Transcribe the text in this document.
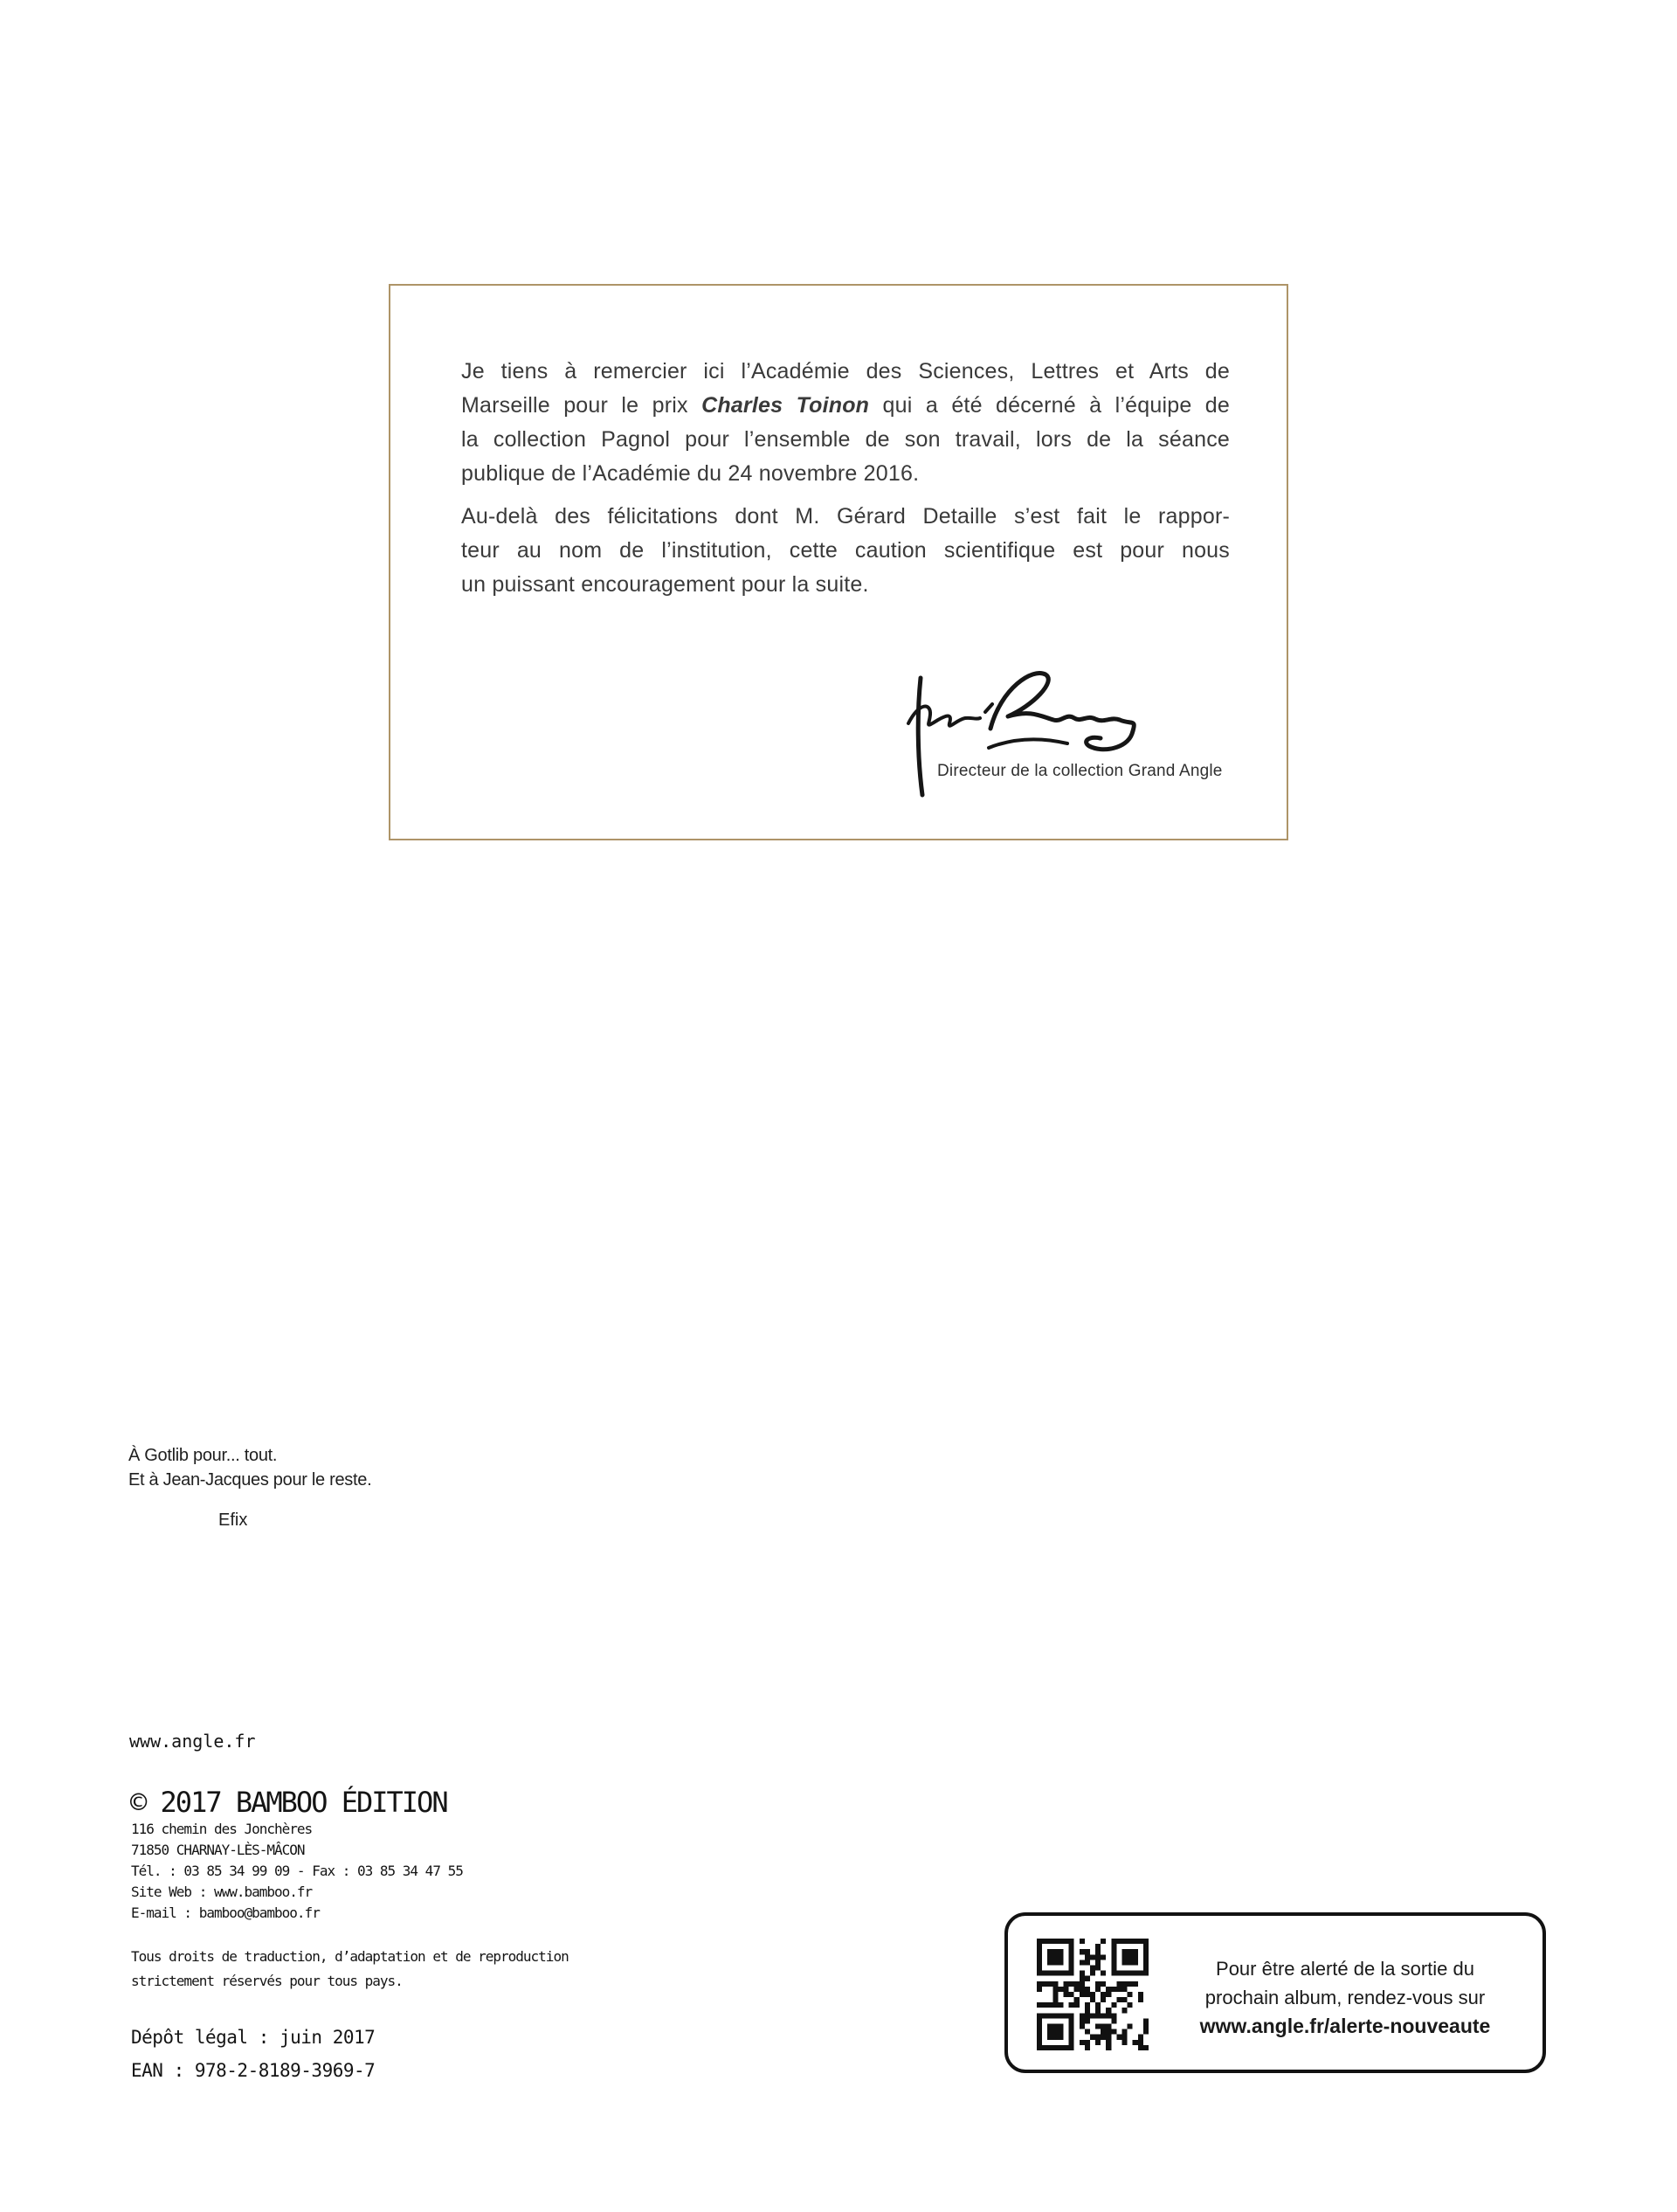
Je tiens à remercier ici l’Académie des Sciences, Lettres et Arts de
Marseille pour le prix Charles Toinon qui a été décerné à l’équipe de
la collection Pagnol pour l’ensemble de son travail, lors de la séance
publique de l’Académie du 24 novembre 2016.
Au-delà des félicitations dont M. Gérard Detaille s’est fait le rappor-
teur au nom de l’institution, cette caution scientifique est pour nous
un puissant encouragement pour la suite.
Directeur de la collection Grand Angle
À Gotlib pour... tout.
Et à Jean-Jacques pour le reste.
Efix
www.angle.fr
© 2017 BAMBOO ÉDITION
116 chemin des Jonchères
71850 CHARNAY-LÈS-MÂCON
Tél. : 03 85 34 99 09 - Fax : 03 85 34 47 55
Site Web : www.bamboo.fr
E-mail : bamboo@bamboo.fr
Tous droits de traduction, d’adaptation et de reproduction
strictement réservés pour tous pays.
Dépôt légal : juin 2017
EAN : 978-2-8189-3969-7
Pour être alerté de la sortie du
prochain album, rendez-vous sur
www.angle.fr/alerte-nouveaute
